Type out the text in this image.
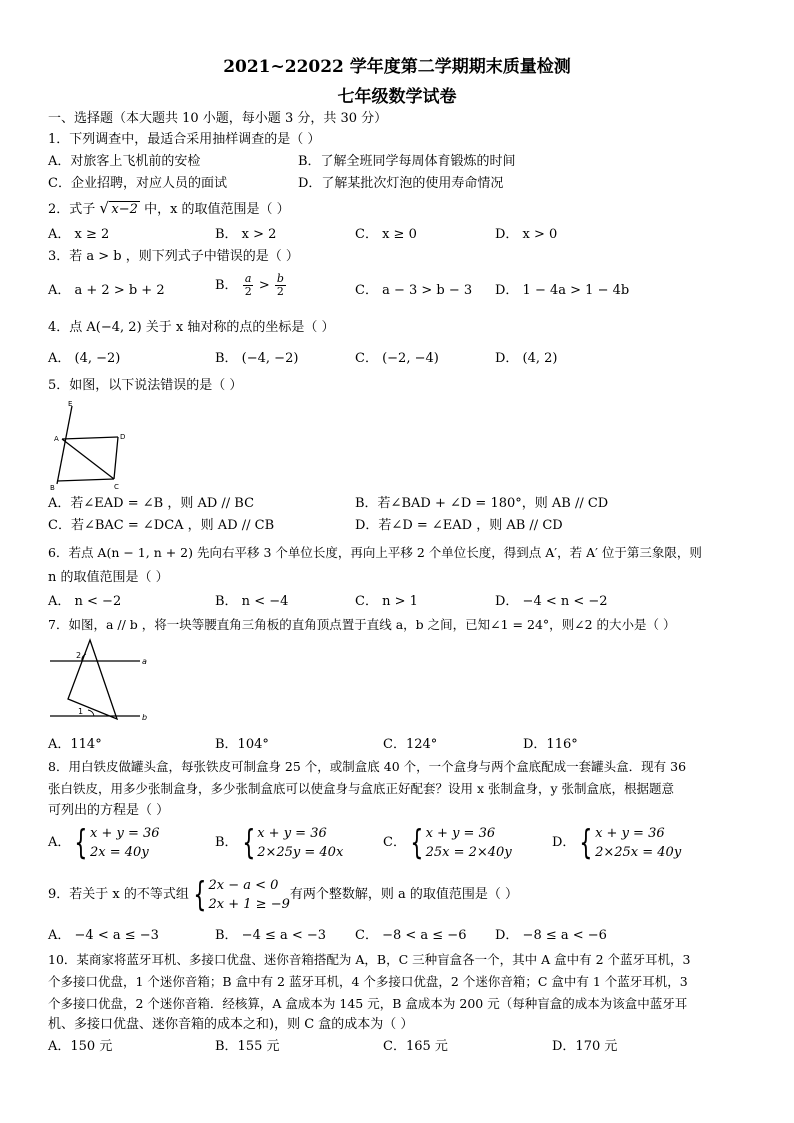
2021~22022 学年度第二学期期末质量检测
七年级数学试卷
一、选择题（本大题共 10 小题，每小题 3 分，共 30 分）
1．下列调查中，最适合采用抽样调查的是（ ）
A．对旅客上飞机前的安检	B．了解全班同学每周体育锻炼的时间
C．企业招聘，对应人员的面试	D．了解某批次灯泡的使用寿命情况
2．式子 √ x−2 中，x 的取值范围是（ ）
A． x ≥ 2	B． x > 2	C． x ≥ 0	D． x > 0
3．若 a > b ，则下列式子中错误的是（ ）
A． a + 2 > b + 2	B． $\frac{a}{2} > \frac{b}{2}$	C． a − 3 > b − 3 D． 1 − 4a > 1 − 4b
4．点 A(−4, 2) 关于 x 轴对称的点的坐标是（ ）
A． (4, −2)	B． (−4, −2)	C． (−2, −4)	D． (4, 2)
5．如图，以下说法错误的是（ ）
E
A	D
B	C
A．若∠EAD = ∠B ，则 AD // BC	B．若∠BAD + ∠D = 180°，则 AB // CD
C．若∠BAC = ∠DCA ，则 AD // CB	D．若∠D = ∠EAD ，则 AB // CD
6．若点 A(n − 1, n + 2) 先向右平移 3 个单位长度，再向上平移 2 个单位长度，得到点 A′，若 A′ 位于第三象限，则
n 的取值范围是（ ）
A． n < −2	B． n < −4	C． n > 1	D． −4 < n < −2
7．如图，a // b ，将一块等腰直角三角板的直角顶点置于直线 a，b 之间，已知∠1 = 24°，则∠2 的大小是（ ）
2
a
1
b
A．114°	B．104°	C．124°	D．116°
8．用白铁皮做罐头盒，每张铁皮可制盒身 25 个，或制盒底 40 个，一个盒身与两个盒底配成一套罐头盒．现有 36
张白铁皮，用多少张制盒身，多少张制盒底可以使盒身与盒底正好配套？设用 x 张制盒身，y 张制盒底，根据题意
可列出的方程是（ ）
A． { x + y = 36
2x = 40y
B． { x + y = 36
2×25y = 40x
C． { x + y = 36
25x = 2×40y
D． { x + y = 36
2×25x = 40y
9．若关于 x 的不等式组 { 2x − a < 0
2x + 1 ≥ −9
有两个整数解，则 a 的取值范围是（ ）
A． −4 < a ≤ −3	B． −4 ≤ a < −3 C． −8 < a ≤ −6 D． −8 ≤ a < −6
10．某商家将蓝牙耳机、多接口优盘、迷你音箱搭配为 A，B，C 三种盲盒各一个，其中 A 盒中有 2 个蓝牙耳机，3
个多接口优盘，1 个迷你音箱；B 盒中有 2 蓝牙耳机，4 个多接口优盘，2 个迷你音箱；C 盒中有 1 个蓝牙耳机，3
个多接口优盘，2 个迷你音箱．经核算，A 盒成本为 145 元，B 盒成本为 200 元（每种盲盒的成本为该盒中蓝牙耳
机、多接口优盘、迷你音箱的成本之和)，则 C 盒的成本为（ ）
A．150 元	B．155 元	C．165 元	D．170 元
